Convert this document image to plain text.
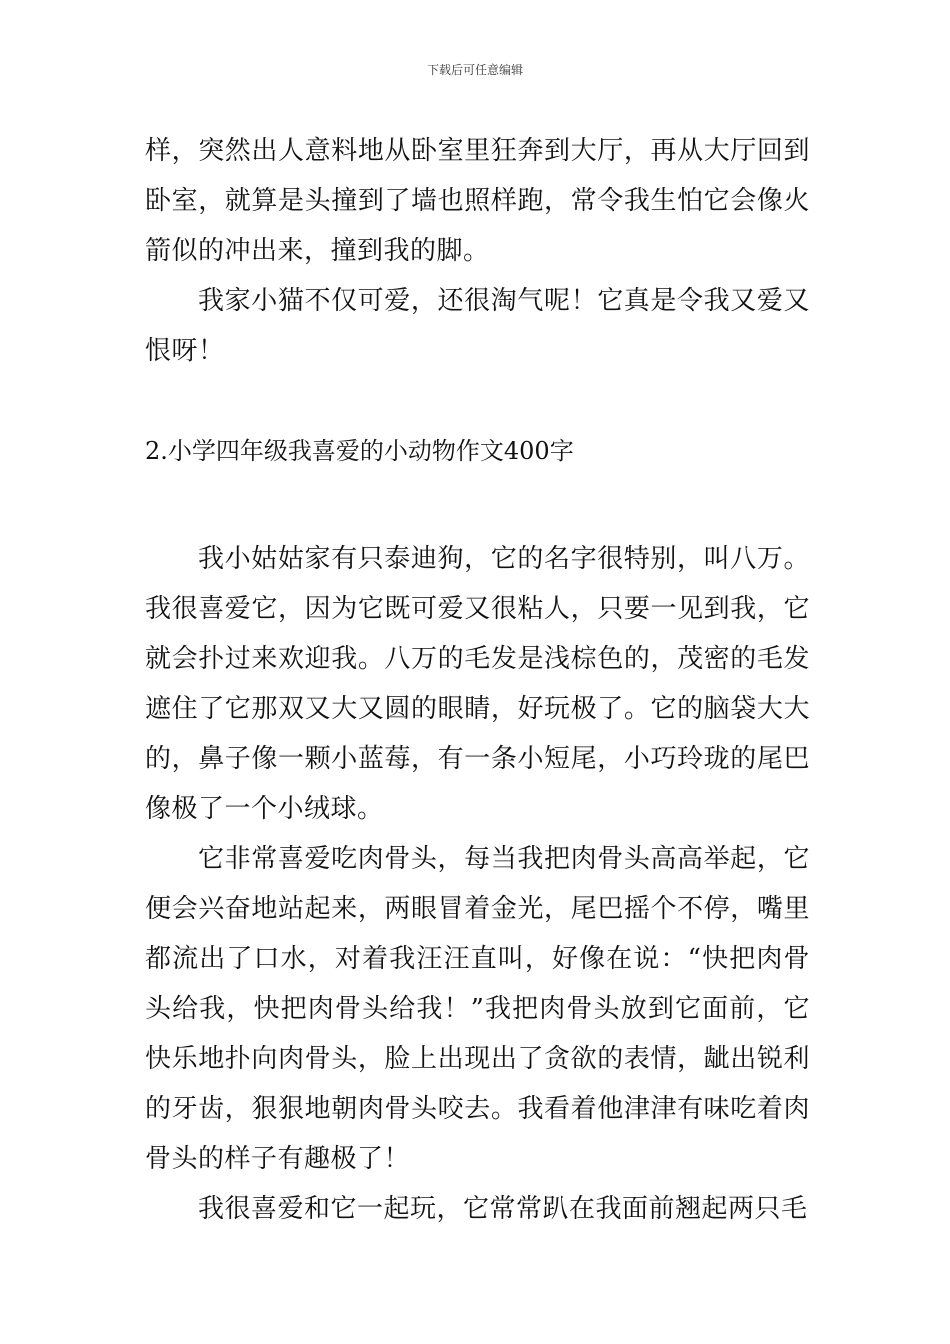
下载后可任意编辑

样，突然出人意料地从卧室里狂奔到大厅，再从大厅回到卧室，就算是头撞到了墙也照样跑，常令我生怕它会像火箭似的冲出来，撞到我的脚。

我家小猫不仅可爱，还很淘气呢！它真是令我又爱又恨呀！

2.小学四年级我喜爱的小动物作文400字

我小姑姑家有只泰迪狗，它的名字很特别，叫八万。我很喜爱它，因为它既可爱又很粘人，只要一见到我，它就会扑过来欢迎我。八万的毛发是浅棕色的，茂密的毛发遮住了它那双又大又圆的眼睛，好玩极了。它的脑袋大大的，鼻子像一颗小蓝莓，有一条小短尾，小巧玲珑的尾巴像极了一个小绒球。

它非常喜爱吃肉骨头，每当我把肉骨头高高举起，它便会兴奋地站起来，两眼冒着金光，尾巴摇个不停，嘴里都流出了口水，对着我汪汪直叫，好像在说：“快把肉骨头给我，快把肉骨头给我！”我把肉骨头放到它面前，它快乐地扑向肉骨头，脸上出现出了贪欲的表情，龇出锐利的牙齿，狠狠地朝肉骨头咬去。我看着他津津有味吃着肉骨头的样子有趣极了！

我很喜爱和它一起玩，它常常趴在我面前翘起两只毛
